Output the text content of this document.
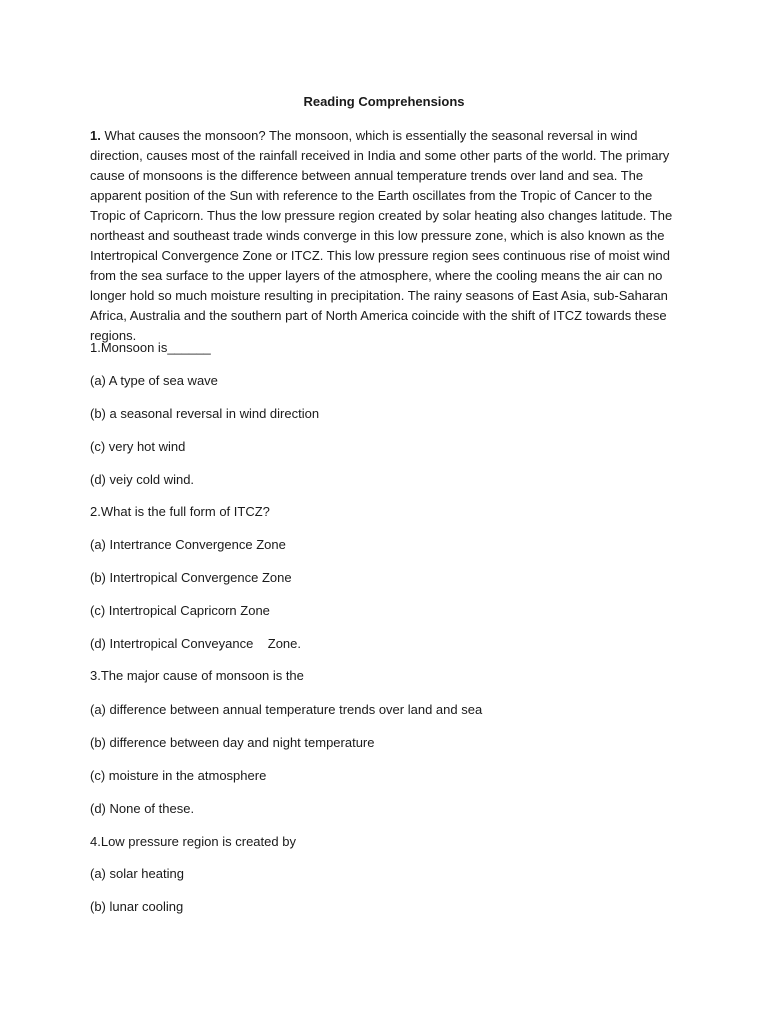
Reading Comprehensions
1. What causes the monsoon? The monsoon, which is essentially the seasonal reversal in wind direction, causes most of the rainfall received in India and some other parts of the world. The primary cause of monsoons is the difference between annual temperature trends over land and sea. The apparent position of the Sun with reference to the Earth oscillates from the Tropic of Cancer to the Tropic of Capricorn. Thus the low pressure region created by solar heating also changes latitude. The northeast and southeast trade winds converge in this low pressure zone, which is also known as the Intertropical Convergence Zone or ITCZ. This low pressure region sees continuous rise of moist wind from the sea surface to the upper layers of the atmosphere, where the cooling means the air can no longer hold so much moisture resulting in precipitation. The rainy seasons of East Asia, sub-Saharan Africa, Australia and the southern part of North America coincide with the shift of ITCZ towards these regions.
1.Monsoon is______
(a) A type of sea wave
(b) a seasonal reversal in wind direction
(c) very hot wind
(d) veiy cold wind.
2.What is the full form of ITCZ?
(a) Intertrance Convergence Zone
(b) Intertropical Convergence Zone
(c) Intertropical Capricorn Zone
(d) Intertropical Conveyance    Zone.
3.The major cause of monsoon is the
(a) difference between annual temperature trends over land and sea
(b) difference between day and night temperature
(c) moisture in the atmosphere
(d) None of these.
4.Low pressure region is created by
(a) solar heating
(b) lunar cooling
